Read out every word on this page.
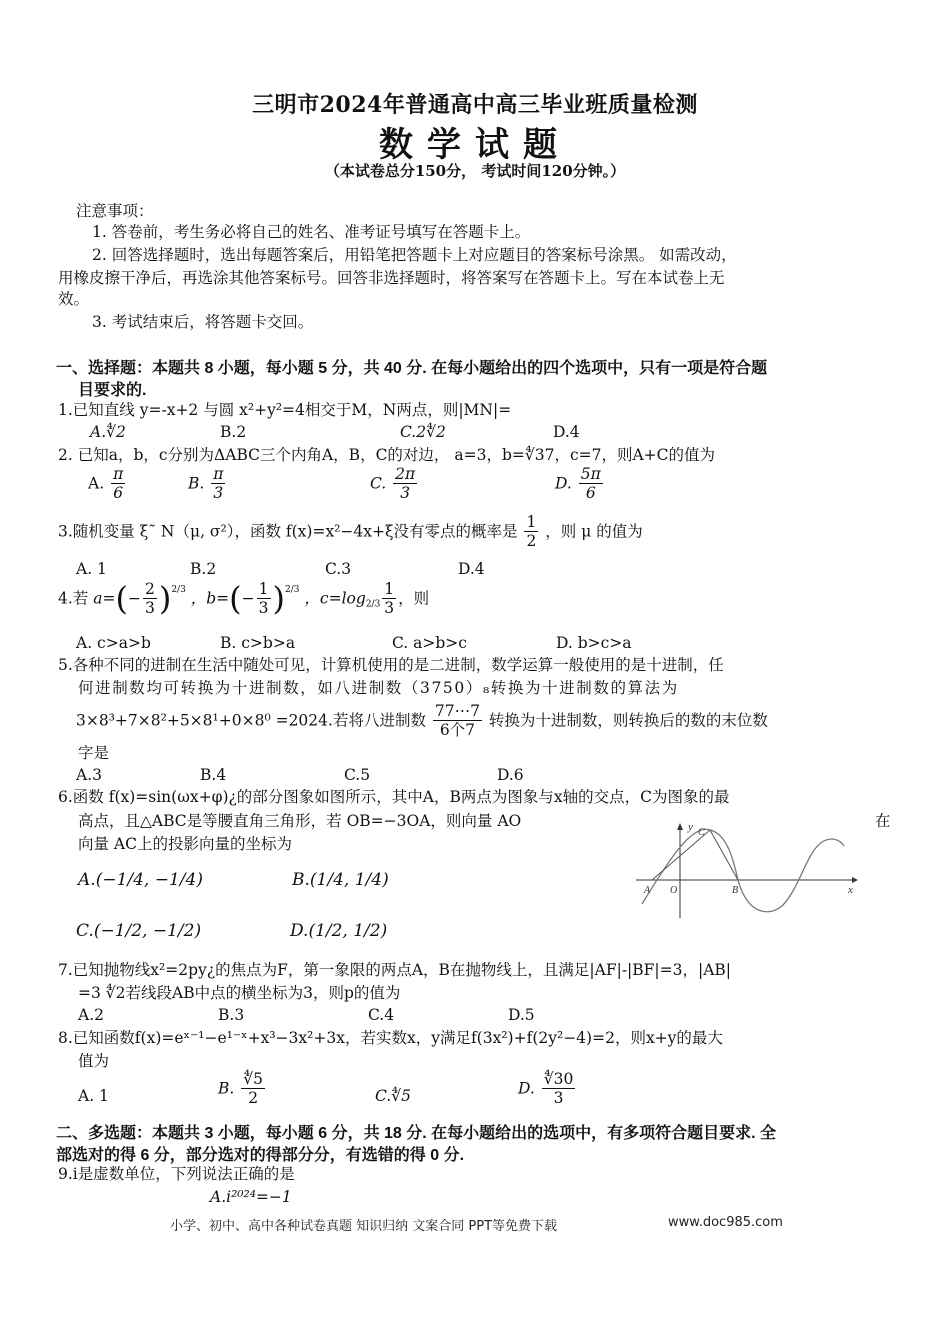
三明市2024年普通高中高三毕业班质量检测
数学试题
（本试卷总分150分， 考试时间120分钟。）
注意事项：
1. 答卷前，考生务必将自己的姓名、准考证号填写在答题卡上。
2. 回答选择题时，选出每题答案后，用铅笔把答题卡上对应题目的答案标号涂黑。 如需改动，
用橡皮擦干净后，再选涂其他答案标号。回答非选择题时，将答案写在答题卡上。写在本试卷上无
效。
3. 考试结束后，将答题卡交回。
一、选择题：本题共 8 小题，每小题 5 分，共 40 分. 在每小题给出的四个选项中，只有一项是符合题
目要求的.
1.已知直线 y=-x+2 与圆 x²+y²=4相交于M，N两点，则|MN|=
A.∜2	B.2	C.2∜2	D.4
2. 已知a，b，c分别为ΔABC三个内角A，B，C的对边， a=3，b=∜37，c=7，则A+C的值为
A. $\frac{\pi}{6}$	B. $\frac{\pi}{3}$	C. $\frac{2\pi}{3}$	D. $\frac{5\pi}{6}$
3.随机变量 ξ˜ N（μ, σ²），函数 f(x)=x²−4x+ξ没有零点的概率是 $\frac{1}{2}$ ，则 μ 的值为
A. 1	B.2	C.3	D.4
4.若 $a=(- \frac{2}{3} )^{2/3}$ ，$b=(- \frac{1}{3} )^{2/3}$ ，$c=\log_{2/3} \frac{1}{3}$ ，则
A. c>a>b	B. c>b>a	C. a>b>c	D. b>c>a
5.各种不同的进制在生活中随处可见，计算机使用的是二进制，数学运算一般使用的是十进制，任
何进制数均可转换为十进制数，如八进制数（3750）₈转换为十进制数的算法为
3×8³+7×8²+5×8¹+0×8⁰ =2024.若将八进制数 $\frac{77\cdots 7}{\text{6个7}}$ 转换为十进制数，则转换后的数的末位数
字是
A.3	B.4	C.5	D.6
6.函数 f(x)=sin(ωx+φ)¿的部分图象如图所示，其中A，B两点为图象与x轴的交点，C为图象的最
高点，且△ABC是等腰直角三角形，若 OB=−3OA，则向量 AO	在
向量 AC上的投影向量的坐标为
A.(−1/4, −1/4)	B.(1/4, 1/4)
C.(−1/2, −1/2)	D.(1/2, 1/2)
y
x
O
A	B
C
7.已知抛物线x²=2py¿的焦点为F，第一象限的两点A，B在抛物线上，且满足|AF|-|BF|=3，|AB|
=3 ∜2若线段AB中点的横坐标为3，则p的值为
A.2	B.3	C.4	D.5
8.已知函数f(x)=eˣ⁻¹−e¹⁻ˣ+x³−3x²+3x，若实数x，y满足f(3x²)+f(2y²−4)=2，则x+y的最大
值为
A. 1	B. $\frac{∜5}{2}$	C.∜5	D. $\frac{∜30}{3}$
二、多选题：本题共 3 小题，每小题 6 分，共 18 分. 在每小题给出的选项中，有多项符合题目要求. 全
部选对的得 6 分，部分选对的得部分分，有选错的得 0 分.
9.i是虚数单位，下列说法正确的是
A.i²⁰²⁴=−1
小学、初中、高中各种试卷真题 知识归纳 文案合同 PPT等免费下载	www.doc985.com
